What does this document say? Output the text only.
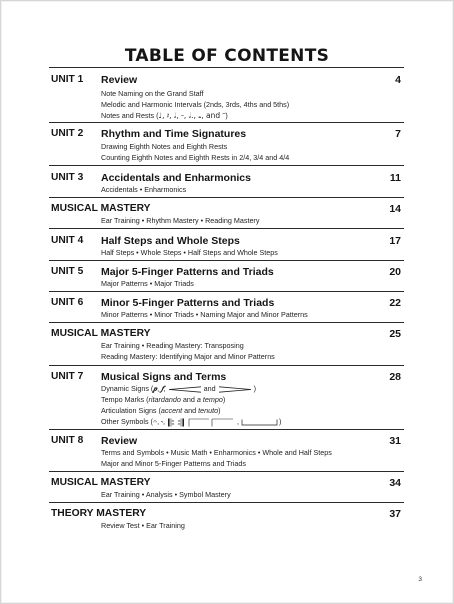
TABLE OF CONTENTS
UNIT 1 Review	4
Note Naming on the Grand Staff
Melodic and Harmonic Intervals (2nds, 3rds, 4ths and 5ths)
Notes and Rests (♩, 𝄽, 𝅗𝅥, 𝄼, 𝅗𝅥., 𝅝, and 𝄻)
UNIT 2 Rhythm and Time Signatures	7
Drawing Eighth Notes and Eighth Rests
Counting Eighth Notes and Eighth Rests in 2/4, 3/4 and 4/4
UNIT 3 Accidentals and Enharmonics	11
Accidentals • Enharmonics
MUSICAL MASTERY	14
Ear Training • Rhythm Mastery • Reading Mastery
UNIT 4 Half Steps and Whole Steps	17
Half Steps • Whole Steps • Half Steps and Whole Steps
UNIT 5 Major 5-Finger Patterns and Triads	20
Major Patterns • Major Triads
UNIT 6 Minor 5-Finger Patterns and Triads	22
Minor Patterns • Minor Triads • Naming Major and Minor Patterns
MUSICAL MASTERY	25
Ear Training • Reading Mastery: Transposing
Reading Mastery: Identifying Major and Minor Patterns
UNIT 7 Musical Signs and Terms	28
Dynamic Signs (𝆏, 𝆑,	and	)
Tempo Marks (ritardando and a tempo)
Articulation Signs (accent and tenuto)
Other Symbols (𝄐, 𝆝,	,	)
UNIT 8 Review	31
Terms and Symbols • Music Math • Enharmonics • Whole and Half Steps
Major and Minor 5-Finger Patterns and Triads
MUSICAL MASTERY	34
Ear Training • Analysis • Symbol Mastery
THEORY MASTERY	37
Review Test • Ear Training
3
